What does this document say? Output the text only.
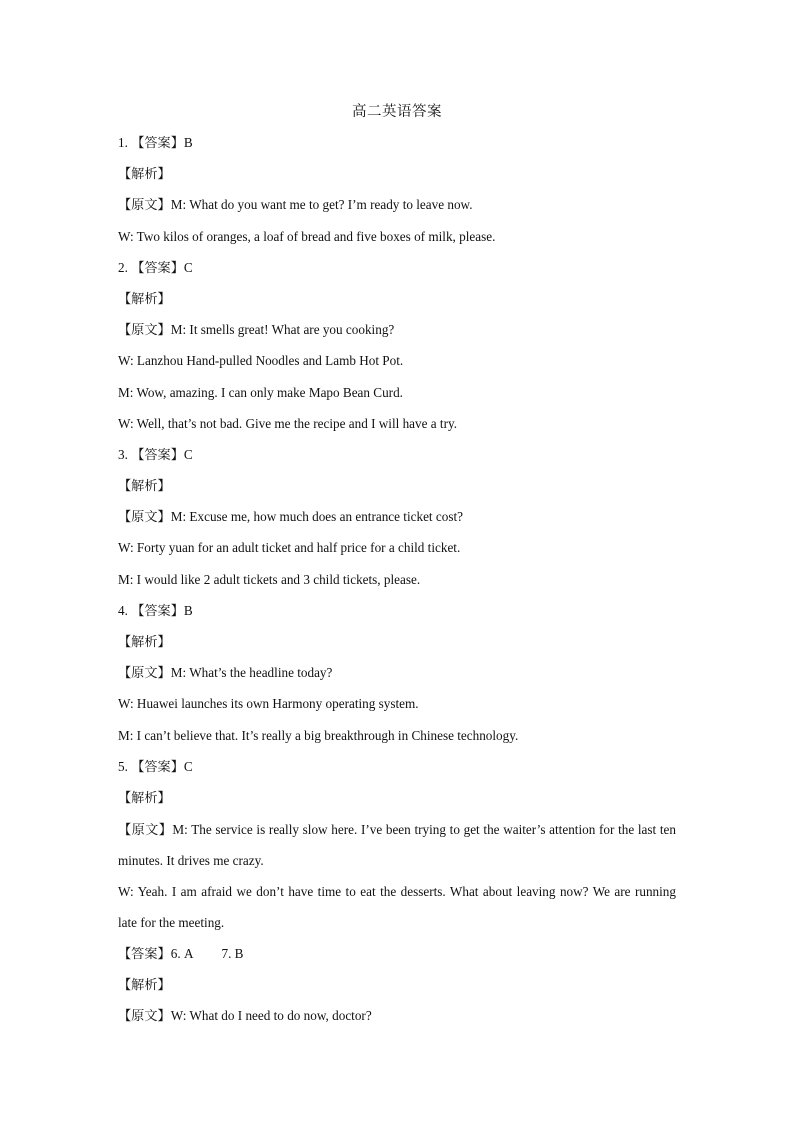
高二英语答案
1. 【答案】B
【解析】
【原文】M: What do you want me to get? I’m ready to leave now.
W: Two kilos of oranges, a loaf of bread and five boxes of milk, please.
2. 【答案】C
【解析】
【原文】M: It smells great! What are you cooking?
W: Lanzhou Hand-pulled Noodles and Lamb Hot Pot.
M: Wow, amazing. I can only make Mapo Bean Curd.
W: Well, that’s not bad. Give me the recipe and I will have a try.
3. 【答案】C
【解析】
【原文】M: Excuse me, how much does an entrance ticket cost?
W: Forty yuan for an adult ticket and half price for a child ticket.
M: I would like 2 adult tickets and 3 child tickets, please.
4. 【答案】B
【解析】
【原文】M: What’s the headline today?
W: Huawei launches its own Harmony operating system.
M: I can’t believe that. It’s really a big breakthrough in Chinese technology.
5. 【答案】C
【解析】
【原文】M: The service is really slow here. I’ve been trying to get the waiter’s attention for the last ten minutes. It drives me crazy.
W: Yeah. I am afraid we don’t have time to eat the desserts. What about leaving now? We are running late for the meeting.
【答案】6. A 7. B
【解析】
【原文】W: What do I need to do now, doctor?
